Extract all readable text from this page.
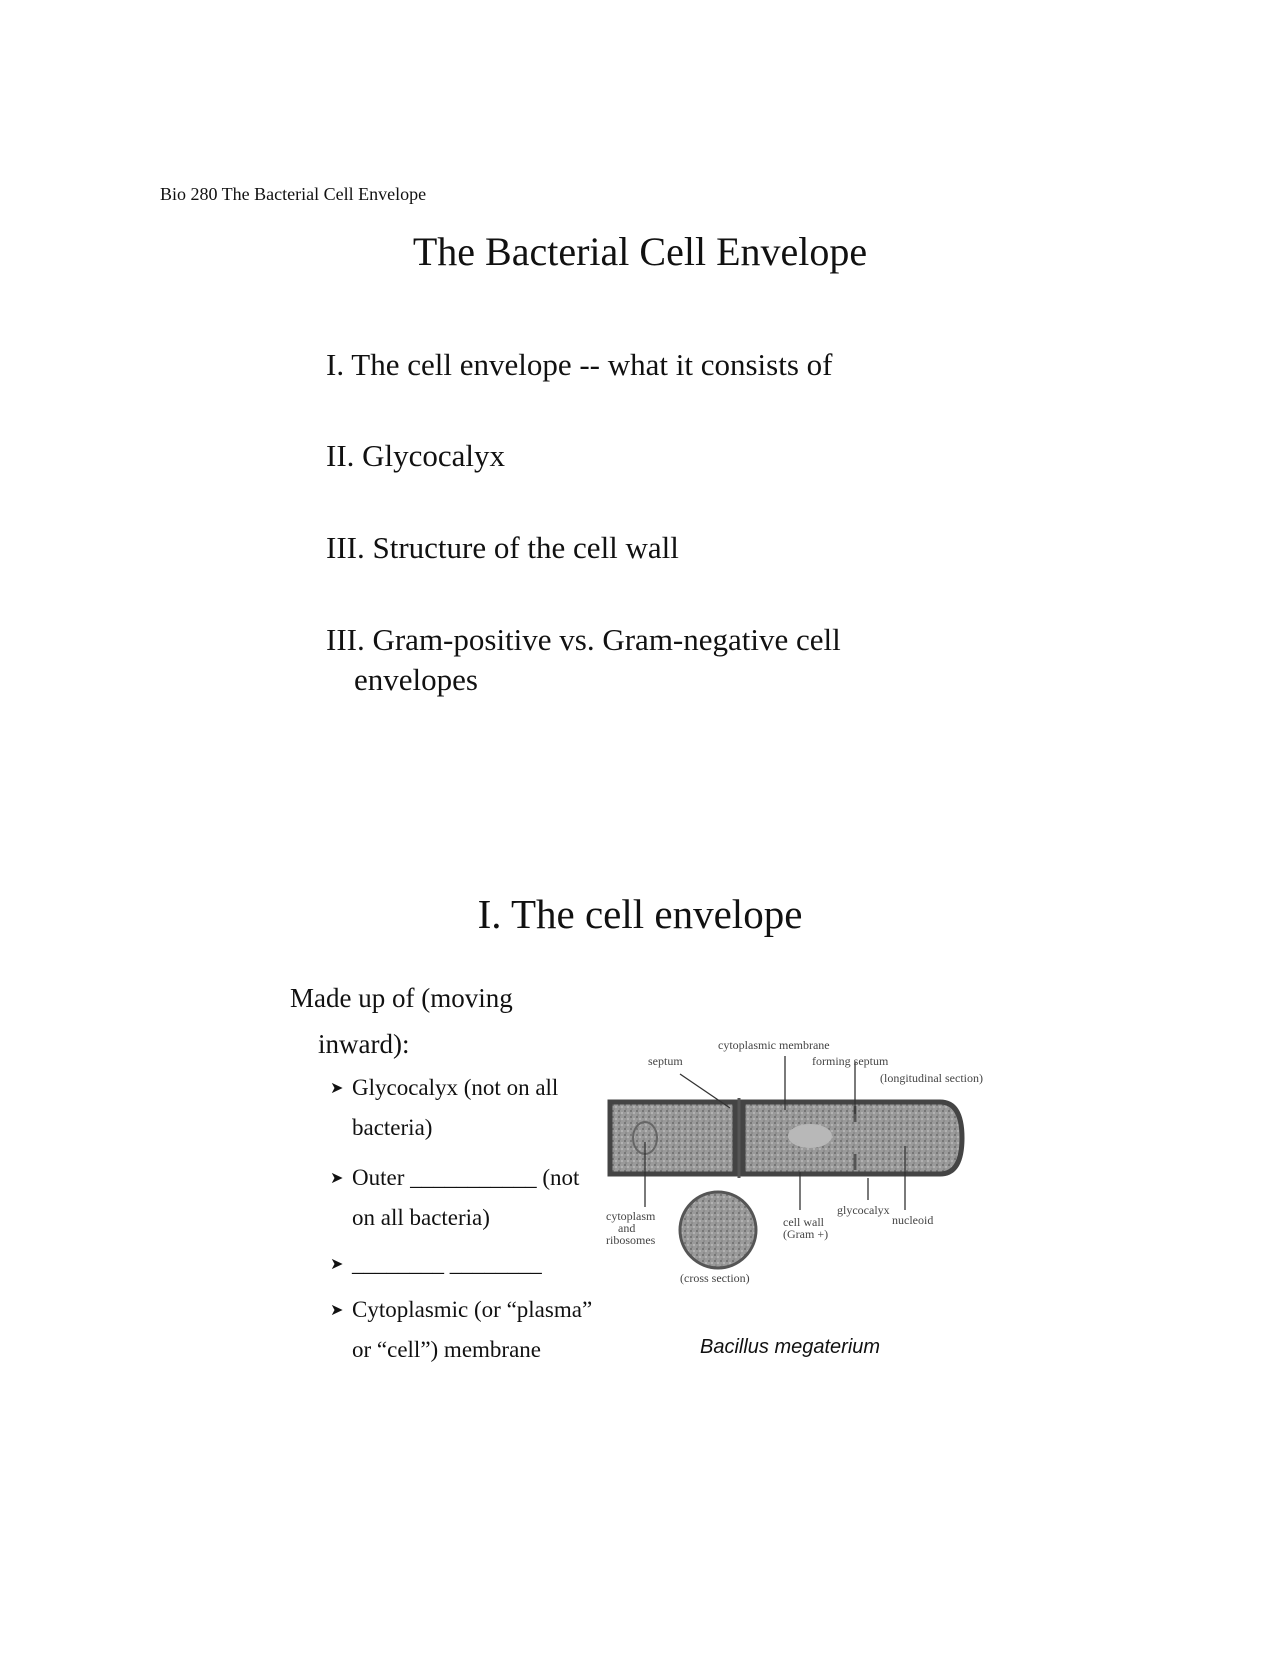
Bio 280 The Bacterial Cell Envelope
The Bacterial Cell Envelope
I. The cell envelope -- what it consists of
II. Glycocalyx
III. Structure of the cell wall
III. Gram-positive vs. Gram-negative cell envelopes
I. The cell envelope
Made up of (moving inward):
➤ Glycocalyx (not on all bacteria)
➤ Outer ___________ (not on all bacteria)
➤ ________ ________
➤ Cytoplasmic (or “plasma” or “cell”) membrane
cytoplasmic membrane
septum	forming septum
(longitudinal section)
cytoplasm
and
ribosomes
cell wall
(Gram +)
glycocalyx
nucleoid
(cross section)
Bacillus megaterium
